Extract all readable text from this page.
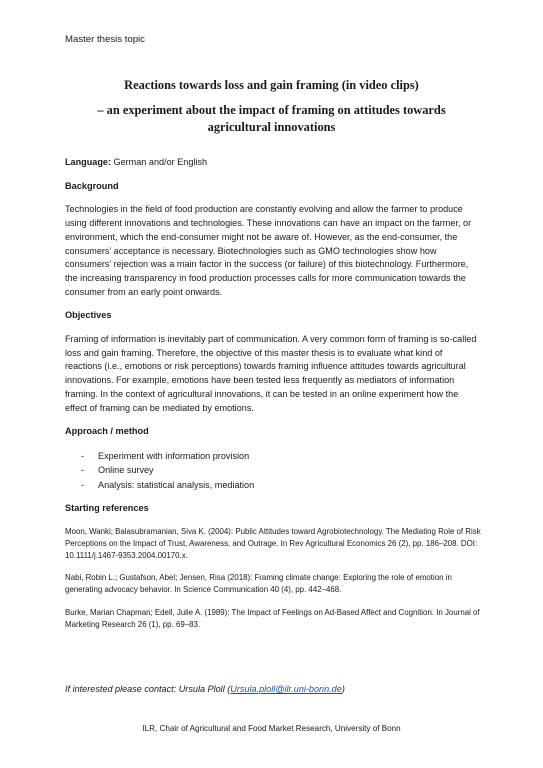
Master thesis topic
Reactions towards loss and gain framing (in video clips)
– an experiment about the impact of framing on attitudes towards agricultural innovations

Language: German and/or English

Background

Technologies in the field of food production are constantly evolving and allow the farmer to produce using different innovations and technologies. These innovations can have an impact on the farmer, or environment, which the end-consumer might not be aware of. However, as the end-consumer, the consumers’ acceptance is necessary. Biotechnologies such as GMO technologies show how consumers’ rejection was a main factor in the success (or failure) of this biotechnology. Furthermore, the increasing transparency in food production processes calls for more communication towards the consumer from an early point onwards.

Objectives

Framing of information is inevitably part of communication. A very common form of framing is so-called loss and gain framing. Therefore, the objective of this master thesis is to evaluate what kind of reactions (i.e., emotions or risk perceptions) towards framing influence attitudes towards agricultural innovations. For example, emotions have been tested less frequently as mediators of information framing. In the context of agricultural innovations, it can be tested in an online experiment how the effect of framing can be mediated by emotions.

Approach / method
- Experiment with information provision
- Online survey
- Analysis: statistical analysis, mediation
Starting references

Moon, Wanki; Balasubramanian, Siva K. (2004): Public Attitudes toward Agrobiotechnology. The Mediating Role of Risk Perceptions on the Impact of Trust, Awareness, and Outrage. In Rev Agricultural Economics 26 (2), pp. 186–208. DOI: 10.1111/j.1467-9353.2004.00170.x.

Nabi, Robin L.; Gustafson, Abel; Jensen, Risa (2018): Framing climate change: Exploring the role of emotion in generating advocacy behavior. In Science Communication 40 (4), pp. 442–468.

Burke, Marian Chapman; Edell, Julie A. (1989): The Impact of Feelings on Ad-Based Affect and Cognition. In Journal of Marketing Research 26 (1), pp. 69–83.

If interested please contact: Ursula Ploll (Ursula.ploll@ilr.uni-bonn.de)
ILR, Chair of Agricultural and Food Market Research, University of Bonn
